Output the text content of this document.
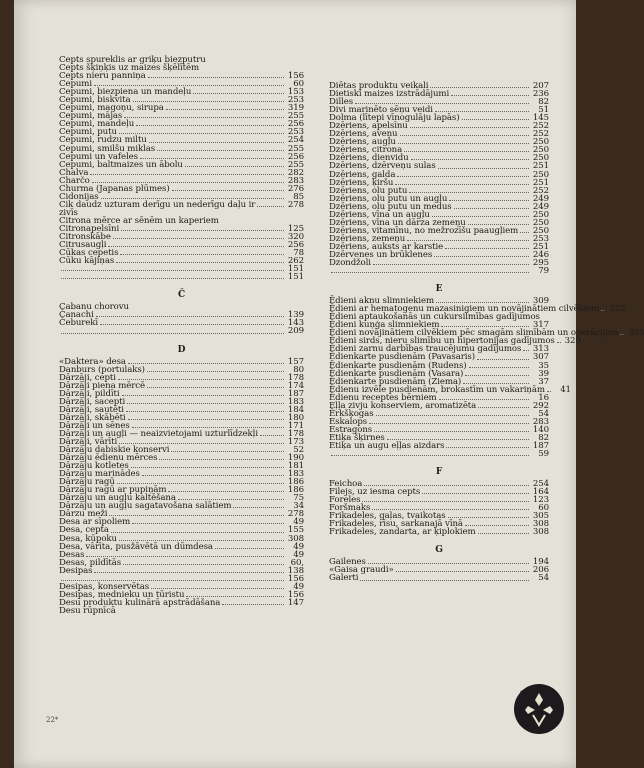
Cepts spureklis ar griķu biezputru
Cepts šķiņķis uz maizes šķēlītēm
Cepts nieru panniņa	156
Cepumi	60
Cepumi, biezpiena un mandeļu	153
Cepumi, biskvita	253
Cepumi, magoņu, sirupa	319
Cepumi, mājas	255
Cepumi, mandeļu	256
Cepumi, putu	253
Cepumi, rudzu miltu	254
Cepumi, smilšu miklas	255
Cepumi un vafeles	256
Cepumi, baltmaizes un ābolu	255
Chalva	282
Charčo	283
Churma (Japanas plūmes)	276
Cidonijas	85
Cik daudz uzturam derīgu un nederīgu daļu ir	278
zivīs
Citrona mērce ar sēnēm un kaperiem
Citronapelsīni	125
Citronskābe	320
Citrusaugļi	256
Cūkas cepetis	78
Cūku kājiņas	262
151
151
Č
Cabanu chorovu
Čanachi	139
Čeburekī	143
209
D
«Daktera» desa	157
Danburs (portulaks)	80
Dārzāji, cepti	178
Dārzāji piena mērcē	174
Dārzāji, pildīti	187
Dārzāji, sacepti	183
Dārzāji, sautēti	184
Dārzāji, skābēti	180
Dārzāji un sēnes	171
Dārzāji un augļi — neaizvietojami uzturlīdzekļi	178
Dārzāji, vārīti	173
Dārzāju dabiskie konservi	52
Dārzāju ēdienu mērces	190
Dārzāju kotletes	181
Dārzāju marinādes	183
Dārzāju ragū	186
Dārzāju ragū ar pupiņām	186
Dārzāju un augļu kaltēšana	75
Dārzāju un augļu sagatavošana salātiem	34
Dārzu meži	278
Desa ar sīpoliem	49
Desa, cepta	155
Desa, kūpoku	308
Desa, vārīta, pusžāvētā un dūmdesa	49
Desas	49
Desas, pildītās	60,
Desipas	138
156
Desipas, konservētas	49
Desipas, mednieku un tūristu	156
Desu produktu kulinārā apstrādāšana	147
Desu rūpnīcā
Diētas produktu veikali	207
Dietiski maizes izstrādājumi	236
Dilles	82
Divi marinēto sēņu veidi	51
Dolma (lītepi vīnogulāju lapās)	145
Dzēriens, apelsīnu	252
Dzēriens, aveņu	252
Dzēriens, augļu	250
Dzēriens, citrona	250
Dzēriens, dienvidu	250
Dzēriens, dzērveņu sulas	251
Dzēriens, galda	250
Dzēriens, ķiršu	251
Dzēriens, olu putu	252
Dzēriens, olu putu un augļu	249
Dzēriens, olu putu un medus	249
Dzēriens, vīna un augļu	250
Dzēriens, vīna un dārza zemeņu	250
Dzēriens, vitamīnu, no mežrozīšu paaugļiem 250
Dzēriens, zemeņu	253
Dzēriens, auksts ar karstie	251
Dzērvenes un brūklenes	246
Dzondžoli	295
79
E
Ēdieni aknu slimniekiem	309
Ēdieni ar hematogenu mazasinigiem un novājinātiem cilvēkiem 322
Ēdieni aptaukošanās un cukursilmības gadījumos
Ēdieni kuņģa slimniekiem	317
Ēdieni novājinātiem cilvēkiem pēc smagām slimībām un operācijām 305
Ēdieni sirds, nieru slimību un hipertonijas gadījumos 320
Ēdieni zarnu darbības traucējumu gadījumos 313
Ēdienkarte pusdienām (Pavasaris)	307
Ēdienkarte pusdienām (Rudens)	35
Ēdienkarte pusdienām (Vasara)	39
Ēdienkarte pusdienām (Ziema)	37
Ēdienu izvēle pusdienām, brokastīm un vakariņām	41
Ēdienu receptes bērniem	16
Eļļa zivju konserviem, aromatizēta	292
Ērkšķogas	54
Eskalops	283
Estragons	140
Etiķa šķirnes	82
Etiķa un augu eļļas aizdars	187
59
F
Feichoa	254
Filejs, uz iesma cepts	164
Foreles	123
Foršmaks	60
Frikadeles, gaļas, tvaikotas	305
Frikadeles, rīsu, sarkanajā vīnā	308
Frikadeles, zandarta, ar ķiplokiem	308
G
Gailenes	194
«Gaisa graudi»	206
Galerti	54
22*
